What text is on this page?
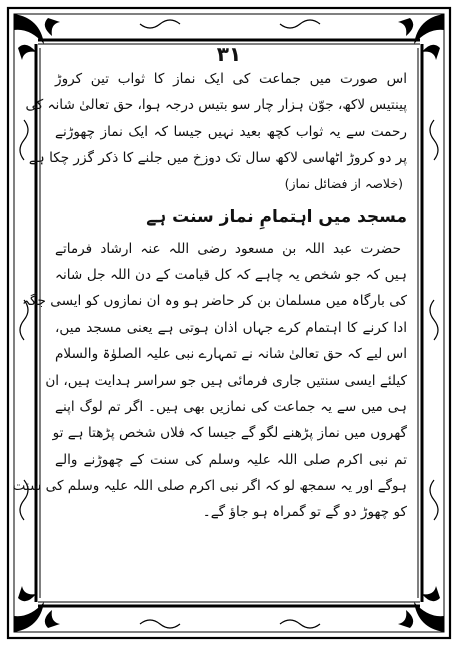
۳۱
اس صورت میں جماعت کی ایک نماز کا ثواب تین کروڑ
پینتیس لاکھ، جوّن ہزار چار سو بتیس درجہ ہوا، حق تعالیٰ شانہ کی
رحمت سے یہ ثواب کچھ بعید نہیں جیسا کہ ایک نماز چھوڑنے
پر دو کروڑ اٹھاسی لاکھ سال تک دوزخ میں جلنے کا ذکر گزر چکا ہے
(خلاصہ از فضائل نماز)
مسجد میں اہتمامِ نماز سنت ہے
حضرت عبد اللہ بن مسعود رضی اللہ عنہ ارشاد فرماتے
ہیں کہ جو شخص یہ چاہے کہ کل قیامت کے دن اللہ جل شانہ
کی بارگاہ میں مسلمان بن کر حاضر ہو وہ ان نمازوں کو ایسی جگہ
ادا کرنے کا اہتمام کرے جہاں اذان ہوتی ہے یعنی مسجد میں،
اس لیے کہ حق تعالیٰ شانہ نے تمہارے نبی علیہ الصلوٰۃ والسلام
کیلئے ایسی سنتیں جاری فرمائی ہیں جو سراسر ہدایت ہیں، ان
ہی میں سے یہ جماعت کی نمازیں بھی ہیں۔ اگر تم لوگ اپنے
گھروں میں نماز پڑھنے لگو گے جیسا کہ فلاں شخص پڑھتا ہے تو
تم نبی اکرم صلی اللہ علیہ وسلم کی سنت کے چھوڑنے والے
ہوگے اور یہ سمجھ لو کہ اگر نبی اکرم صلی اللہ علیہ وسلم کی سنت
کو چھوڑ دو گے تو گمراہ ہو جاؤ گے۔
